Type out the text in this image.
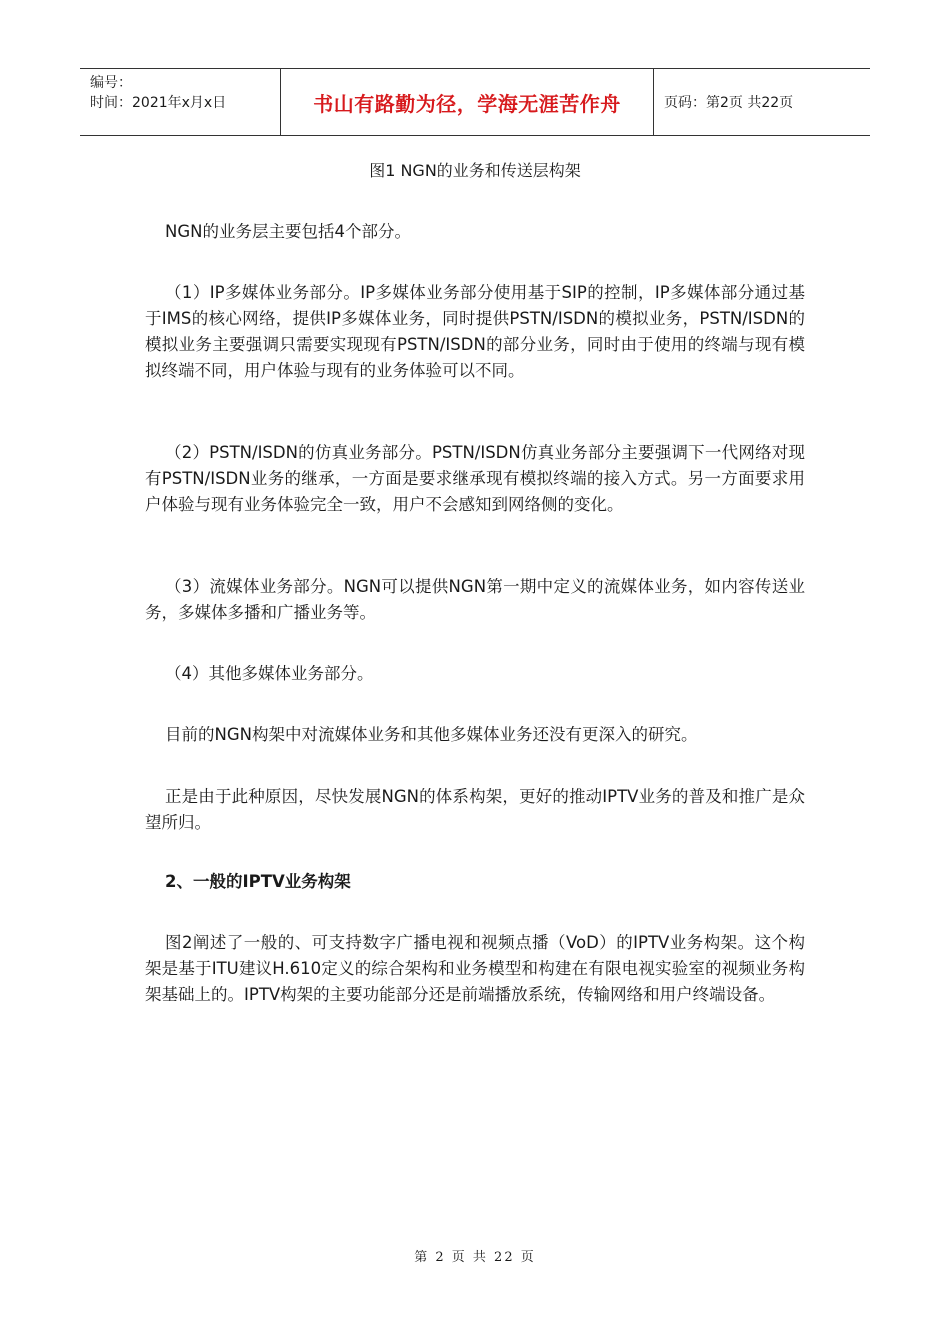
编号：
时间：2021年x月x日	书山有路勤为径，学海无涯苦作舟	页码：第2页 共22页
图1 NGN的业务和传送层构架

NGN的业务层主要包括4个部分。

（1）IP多媒体业务部分。IP多媒体业务部分使用基于SIP的控制，IP多媒体部分通过基于IMS的核心网络，提供IP多媒体业务，同时提供PSTN/ISDN的模拟业务，PSTN/ISDN的模拟业务主要强调只需要实现现有PSTN/ISDN的部分业务，同时由于使用的终端与现有模拟终端不同，用户体验与现有的业务体验可以不同。

（2）PSTN/ISDN的仿真业务部分。PSTN/ISDN仿真业务部分主要强调下一代网络对现有PSTN/ISDN业务的继承，一方面是要求继承现有模拟终端的接入方式。另一方面要求用户体验与现有业务体验完全一致，用户不会感知到网络侧的变化。

（3）流媒体业务部分。NGN可以提供NGN第一期中定义的流媒体业务，如内容传送业务，多媒体多播和广播业务等。

（4）其他多媒体业务部分。

目前的NGN构架中对流媒体业务和其他多媒体业务还没有更深入的研究。

正是由于此种原因，尽快发展NGN的体系构架，更好的推动IPTV业务的普及和推广是众望所归。

2、一般的IPTV业务构架

图2阐述了一般的、可支持数字广播电视和视频点播（VoD）的IPTV业务构架。这个构架是基于ITU建议H.610定义的综合架构和业务模型和构建在有限电视实验室的视频业务构架基础上的。IPTV构架的主要功能部分还是前端播放系统，传输网络和用户终端设备。

第 2 页 共 22 页
